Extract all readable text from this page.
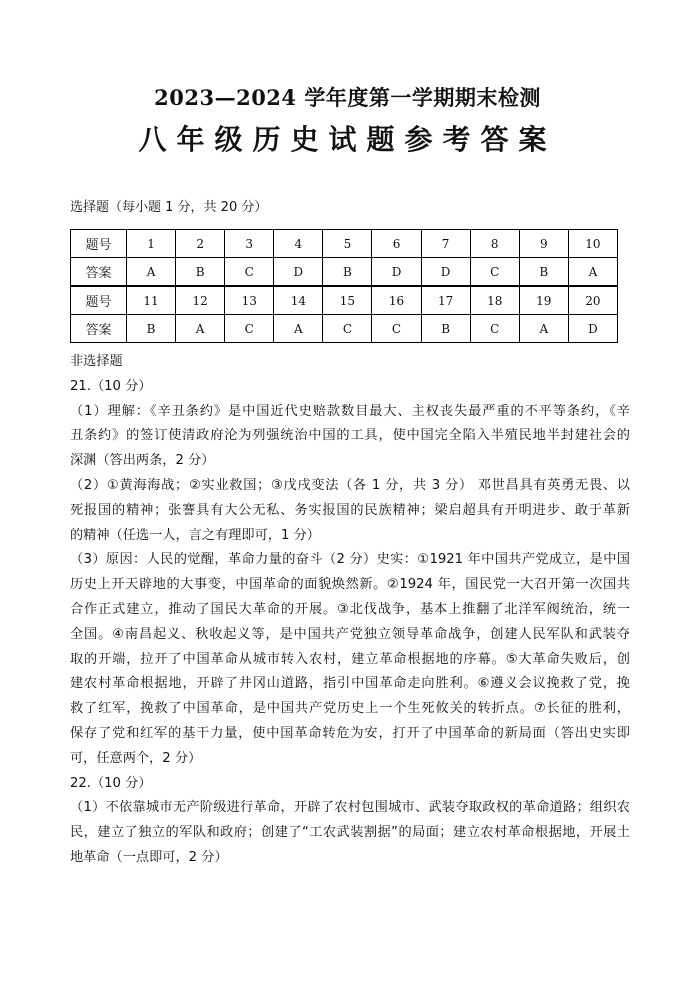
2023—2024 学年度第一学期期末检测
八年级历史试题参考答案
选择题（每小题 1 分，共 20 分）
题号	1	2	3	4	5	6	7	8	9	10
答案	A	B	C	D	B	D	D	C	B	A
题号	11	12	13	14	15	16	17	18	19	20
答案	B	A	C	A	C	C	B	C	A	D
非选择题
21.（10 分）
（1）理解：《辛丑条约》是中国近代史赔款数目最大、主权丧失最严重的不平等条约，《辛
丑条约》的签订使清政府沦为列强统治中国的工具，使中国完全陷入半殖民地半封建社会的
深渊（答出两条，2 分）
（2）①黄海海战；②实业救国；③戊戌变法（各 1 分，共 3 分） 邓世昌具有英勇无畏、以
死报国的精神；张謇具有大公无私、务实报国的民族精神；梁启超具有开明进步、敢于革新
的精神（任选一人，言之有理即可，1 分）
（3）原因：人民的觉醒，革命力量的奋斗（2 分）史实：①1921 年中国共产党成立，是中国
历史上开天辟地的大事变，中国革命的面貌焕然新。②1924 年，国民党一大召开第一次国共
合作正式建立，推动了国民大革命的开展。③北伐战争，基本上推翻了北洋军阀统治，统一
全国。④南昌起义、秋收起义等，是中国共产党独立领导革命战争，创建人民军队和武装夺
取的开端，拉开了中国革命从城市转入农村，建立革命根据地的序幕。⑤大革命失败后，创
建农村革命根据地，开辟了井冈山道路，指引中国革命走向胜利。⑥遵义会议挽救了党，挽
救了红军，挽救了中国革命，是中国共产党历史上一个生死攸关的转折点。⑦长征的胜利，
保存了党和红军的基干力量，使中国革命转危为安，打开了中国革命的新局面（答出史实即
可，任意两个，2 分）
22.（10 分）
（1）不依靠城市无产阶级进行革命，开辟了农村包围城市、武装夺取政权的革命道路；组织农
民，建立了独立的军队和政府；创建了“工农武装割据”的局面；建立农村革命根据地，开展土
地革命（一点即可，2 分）
